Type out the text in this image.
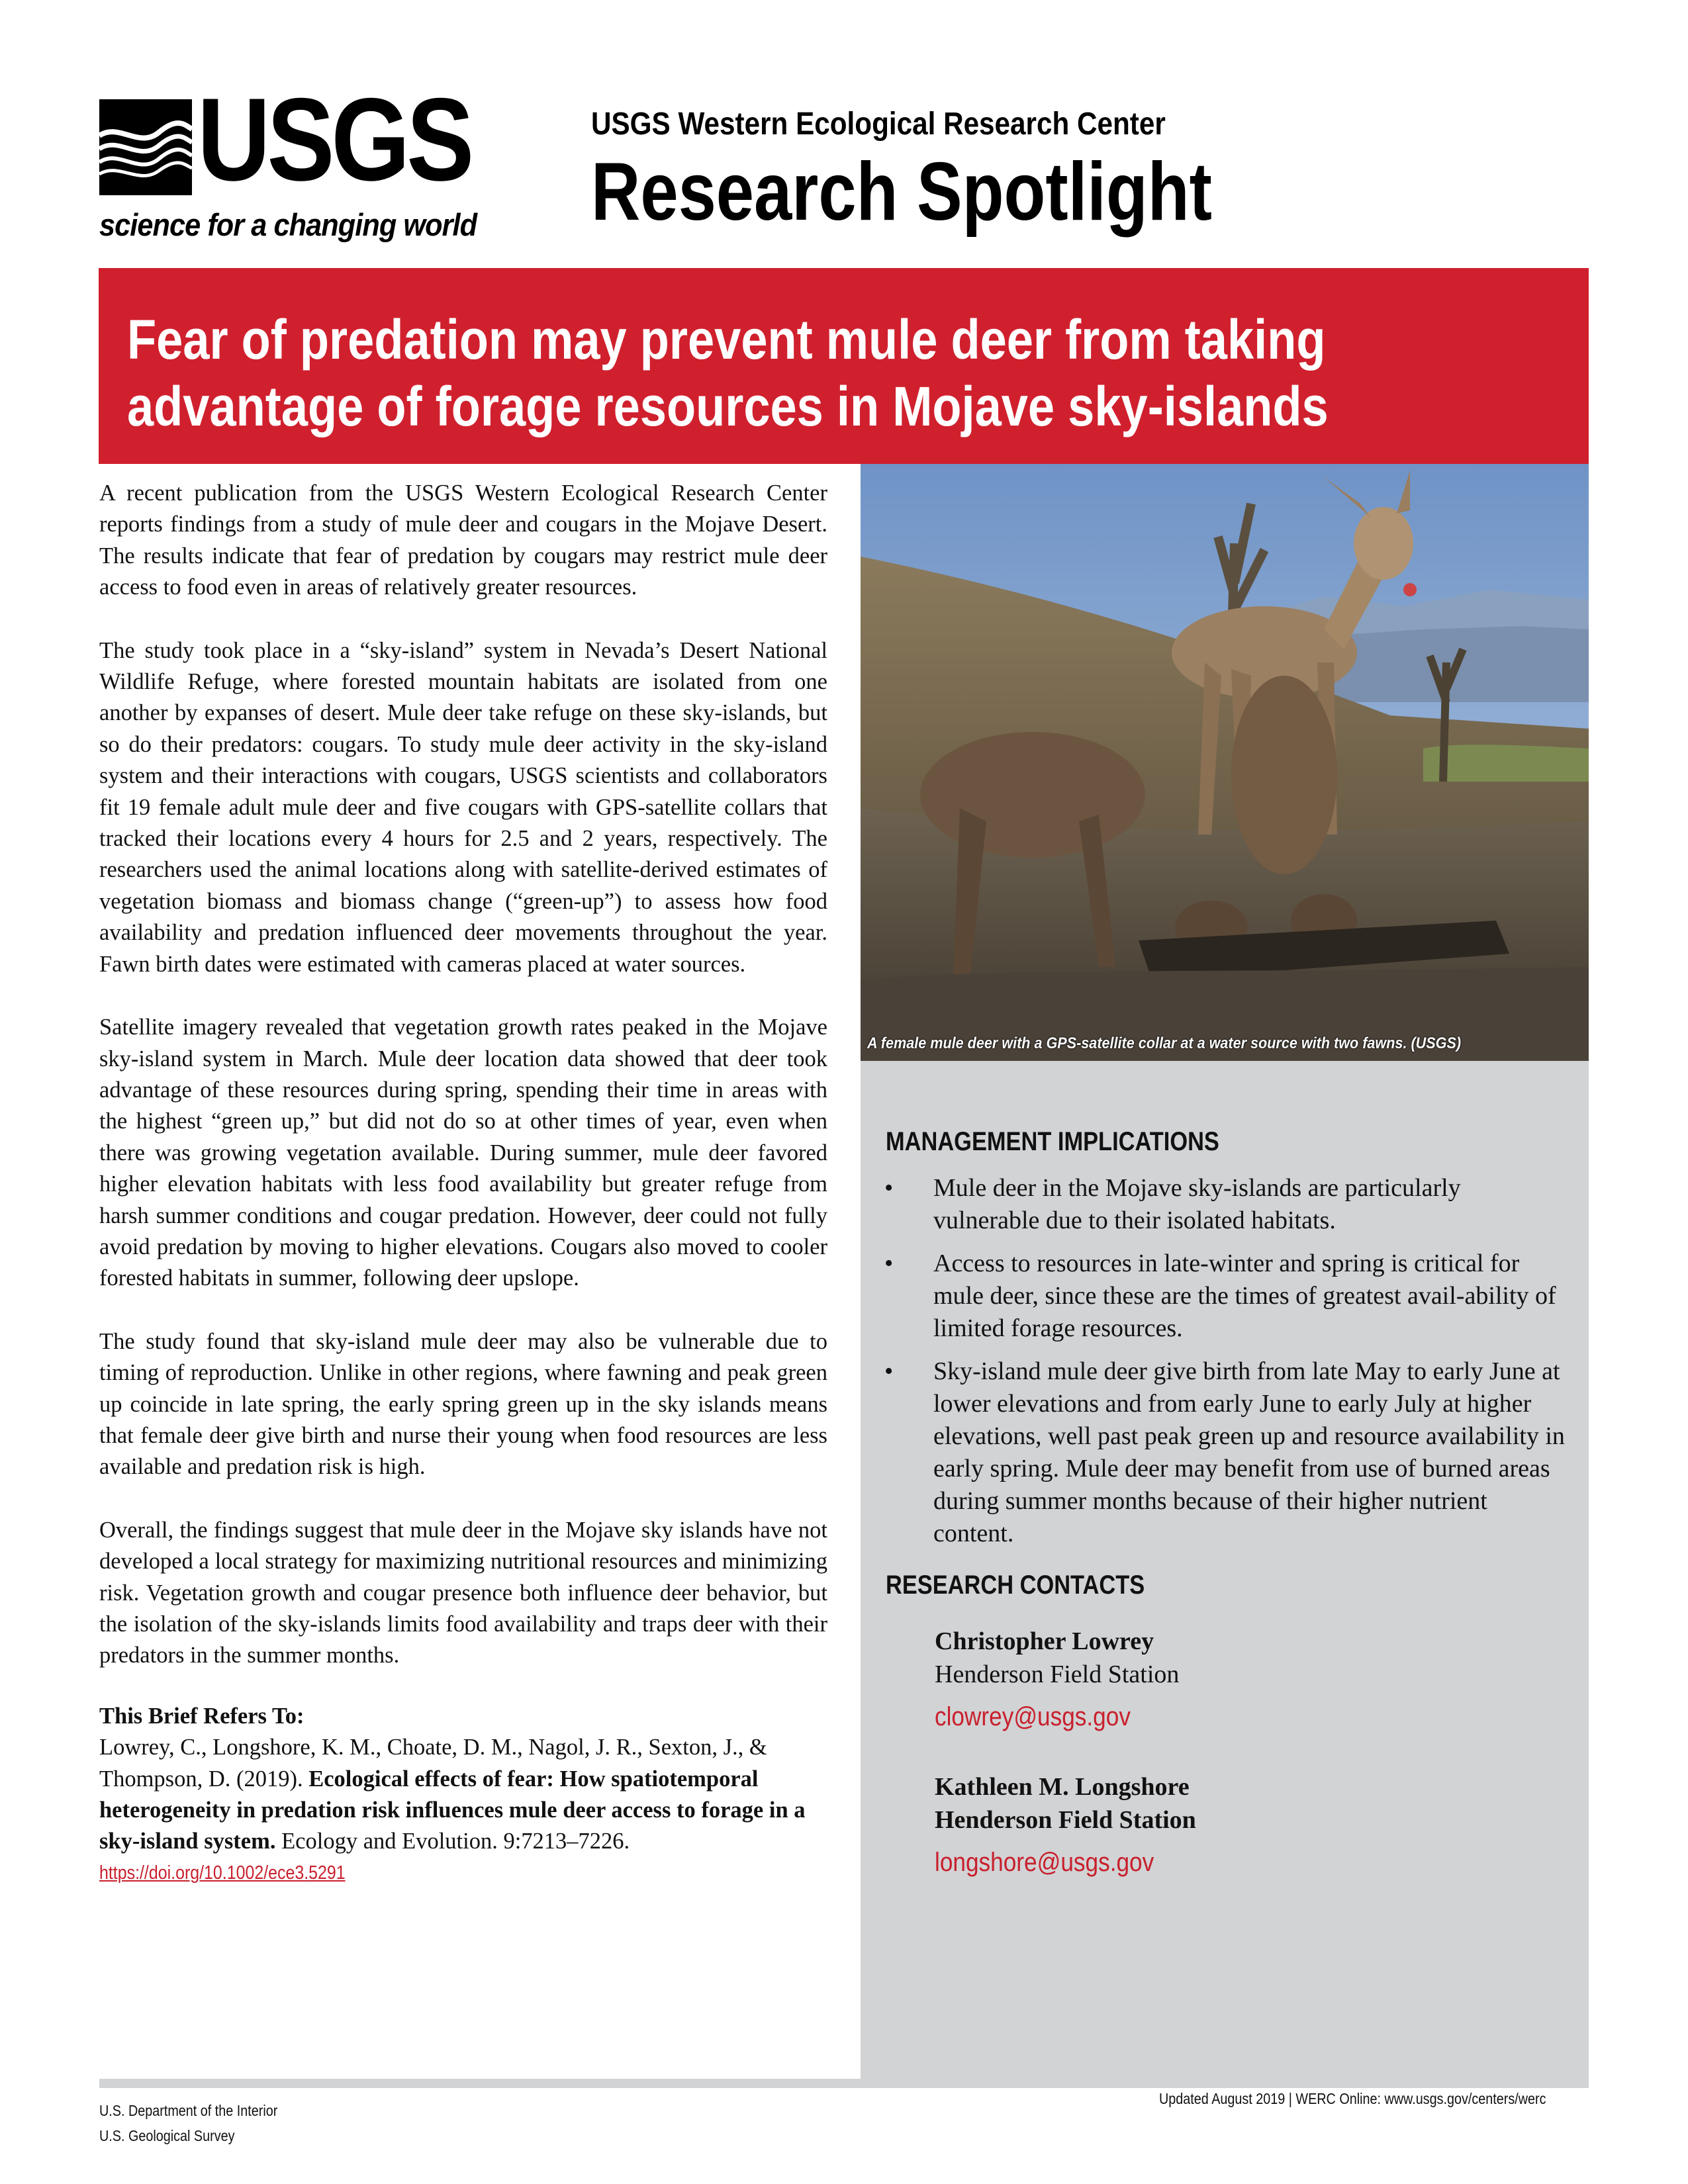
USGS
science for a changing world
USGS Western Ecological Research Center
Research Spotlight
Fear of predation may prevent mule deer from taking
advantage of forage resources in Mojave sky-islands

A recent publication from the USGS Western Ecological Research Center reports findings from a study of mule deer and cougars in the Mojave Desert. The results indicate that fear of predation by cougars may restrict mule deer access to food even in areas of relatively greater resources.

The study took place in a “sky-island” system in Nevada’s Desert National Wildlife Refuge, where forested mountain habitats are isolated from one another by expanses of desert. Mule deer take refuge on these sky-islands, but so do their predators: cougars. To study mule deer activity in the sky-island system and their interactions with cougars, USGS scientists and collaborators fit 19 female adult mule deer and five cougars with GPS-satellite collars that tracked their locations every 4 hours for 2.5 and 2 years, respectively. The researchers used the animal locations along with satellite-derived estimates of vegetation biomass and biomass change (“green-up”) to assess how food availability and predation influenced deer movements throughout the year. Fawn birth dates were estimated with cameras placed at water sources.

Satellite imagery revealed that vegetation growth rates peaked in the Mojave sky-island system in March. Mule deer location data showed that deer took advantage of these resources during spring, spending their time in areas with the highest “green up,” but did not do so at other times of year, even when there was growing vegetation available. During summer, mule deer favored higher elevation habitats with less food availability but greater refuge from harsh summer conditions and cougar predation. However, deer could not fully avoid predation by moving to higher elevations. Cougars also moved to cooler forested habitats in summer, following deer upslope.

The study found that sky-island mule deer may also be vulnerable due to timing of reproduction. Unlike in other regions, where fawning and peak green up coincide in late spring, the early spring green up in the sky islands means that female deer give birth and nurse their young when food resources are less available and predation risk is high.

Overall, the findings suggest that mule deer in the Mojave sky islands have not developed a local strategy for maximizing nutritional resources and minimizing risk. Vegetation growth and cougar presence both influence deer behavior, but the isolation of the sky-islands limits food availability and traps deer with their predators in the summer months.

This Brief Refers To:
Lowrey, C., Longshore, K. M., Choate, D. M., Nagol, J. R., Sexton, J., & Thompson, D. (2019). Ecological effects of fear: How spatiotemporal heterogeneity in predation risk influences mule deer access to forage in a sky-island system. Ecology and Evolution. 9:7213–7226.
https://doi.org/10.1002/ece3.5291
A female mule deer with a GPS-satellite collar at a water source with two fawns. (USGS)
MANAGEMENT IMPLICATIONS
• Mule deer in the Mojave sky-islands are particularly vulnerable due to their isolated habitats.
• Access to resources in late-winter and spring is critical for mule deer, since these are the times of greatest avail-ability of limited forage resources.
• Sky-island mule deer give birth from late May to early June at lower elevations and from early June to early July at higher elevations, well past peak green up and resource availability in early spring. Mule deer may benefit from use of burned areas during summer months because of their higher nutrient content.
RESEARCH CONTACTS
Christopher Lowrey
Henderson Field Station
clowrey@usgs.gov
Kathleen M. Longshore
Henderson Field Station
longshore@usgs.gov
U.S. Department of the Interior
U.S. Geological Survey
Updated August 2019 | WERC Online: www.usgs.gov/centers/werc
